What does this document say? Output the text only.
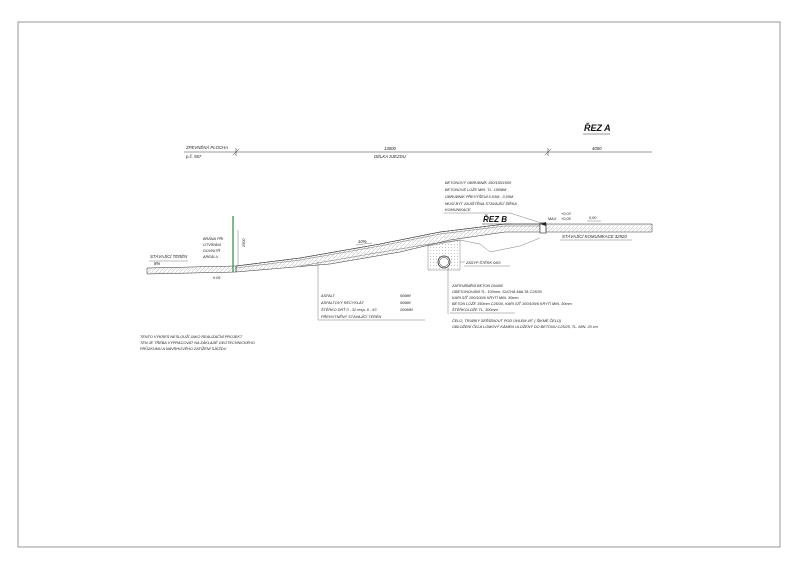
ŘEZ A
ZPEVNĚNÁ PLOCHA
p.č. 567
13000
DÉLKA SJEZDU
4000
STÁVAJÍCÍ TERÉN
8%
BRÁNA PŘI
OTVÍRÁNÍ
DOVNITŘ
AREÁLU
2500
0.05
10%
ZÁSYP ŠTĚRK 0/63
STÁVAJÍCÍ KOMUNIKACE 32920
0,00
ŘEZ B
BETONOVÝ OBRUBNÍK 150/150/1000
BETONOVÉ LOŽE MIN. TL. 150MM
OBRUBNÍK PŘEVÝŠENÍ 0,03M - 0,05M
MUSÍ BÝT ZAJIŠTĚNA STÁVAJÍCÍ ŠÍŘKA
KOMUNIKACE
+0,03
+0,05
MAX
ASFALT	50MM
ASFALTOVÝ RECYKLÁT	50MM
ŠTĚRKO DRŤ 0 - 32 resp. 0 - 63	200MM
PŘEHUTNĚNÝ STÁVAJÍCÍ TERÉN
ZATRUBNĚNÍ BETON DN400
OBETONOVÁNÍ TL. 100mm, SUCHÁ MALTA C25/30
KARI SÍŤ 100/100/6 KRYTÍ MIN. 30mm
BETON LOŽE 150mm C25/30, KARI SÍŤ 100/100/6 KRYTÍ MIN. 30mm
ŠTĚRKOLOŽE TL. 300mm
ČELO, TRUBKY SEŘÍZNOUT POD ÚHLEM 45° ( ŠIKMÉ ČELO)
OBLOŽENÍ ČELA LOMOVÝ KÁMEN ULOŽENÝ DO BETONU C25/25, TL. MIN. 20 cm
TENTO VÝKRES NESLOUŽÍ JAKO REALIZAČNÍ PROJEKT
TEN JE TŘEBA VYPRACOVAT NA ZÁKLADĚ GEOTECHNICKÉHO
PRŮZKUMU A NÁVRHOVÉHO ZATÍŽENÍ SJEZDU
